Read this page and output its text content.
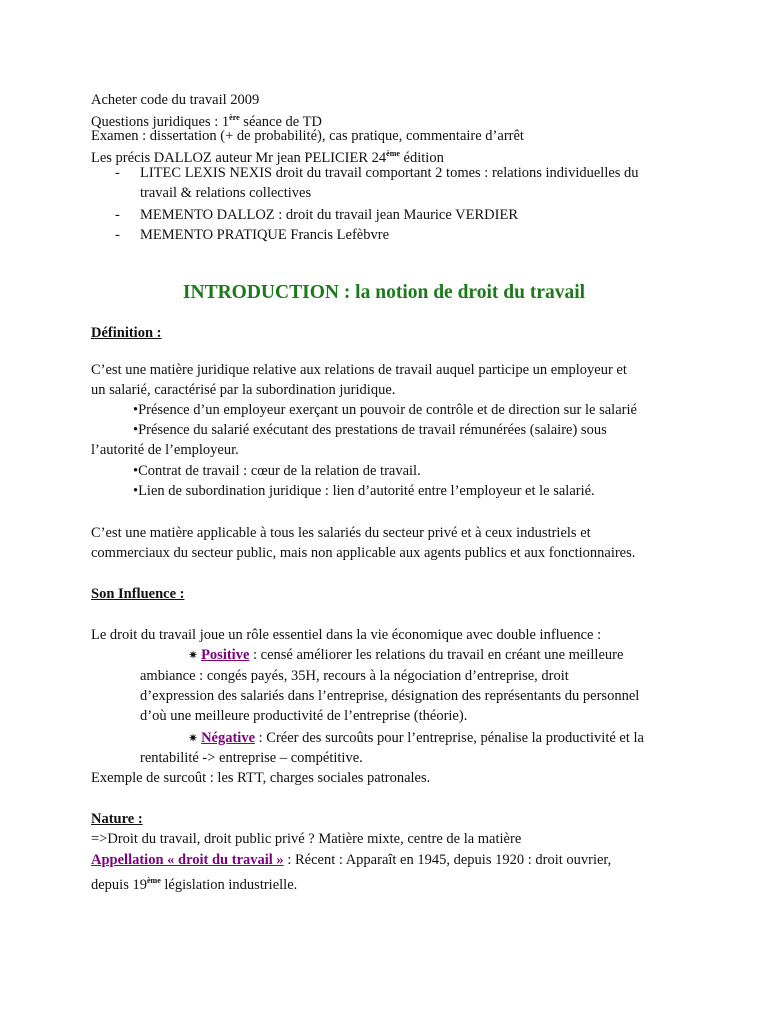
Acheter code du travail 2009
Questions juridiques : 1ère séance de TD
Examen : dissertation (+ de probabilité), cas pratique, commentaire d’arrêt
Les précis DALLOZ auteur Mr jean PELICIER 24ème édition
-	LITEC LEXIS NEXIS droit du travail comportant 2 tomes : relations individuelles du
travail & relations collectives
-	MEMENTO DALLOZ : droit du travail jean Maurice VERDIER
-	MEMENTO PRATIQUE Francis Lefèbvre
INTRODUCTION : la notion de droit du travail
Définition :
C’est une matière juridique relative aux relations de travail auquel participe un employeur et
un salarié, caractérisé par la subordination juridique.
•Présence d’un employeur exerçant un pouvoir de contrôle et de direction sur le salarié
•Présence du salarié exécutant des prestations de travail rémunérées (salaire) sous
l’autorité de l’employeur.
•Contrat de travail : cœur de la relation de travail.
•Lien de subordination juridique : lien d’autorité entre l’employeur et le salarié.
C’est une matière applicable à tous les salariés du secteur privé et à ceux industriels et
commerciaux du secteur public, mais non applicable aux agents publics et aux fonctionnaires.
Son Influence :
Le droit du travail joue un rôle essentiel dans la vie économique avec double influence :
✷ Positive : censé améliorer les relations du travail en créant une meilleure
ambiance : congés payés, 35H, recours à la négociation d’entreprise, droit
d’expression des salariés dans l’entreprise, désignation des représentants du personnel
d’où une meilleure productivité de l’entreprise (théorie).
✷ Négative : Créer des surcoûts pour l’entreprise, pénalise la productivité et la
rentabilité -> entreprise – compétitive.
Exemple de surcoût : les RTT, charges sociales patronales.
Nature :
=>Droit du travail, droit public privé ? Matière mixte, centre de la matière
Appellation « droit du travail » : Récent : Apparaît en 1945, depuis 1920 : droit ouvrier,
depuis 19ème législation industrielle.
